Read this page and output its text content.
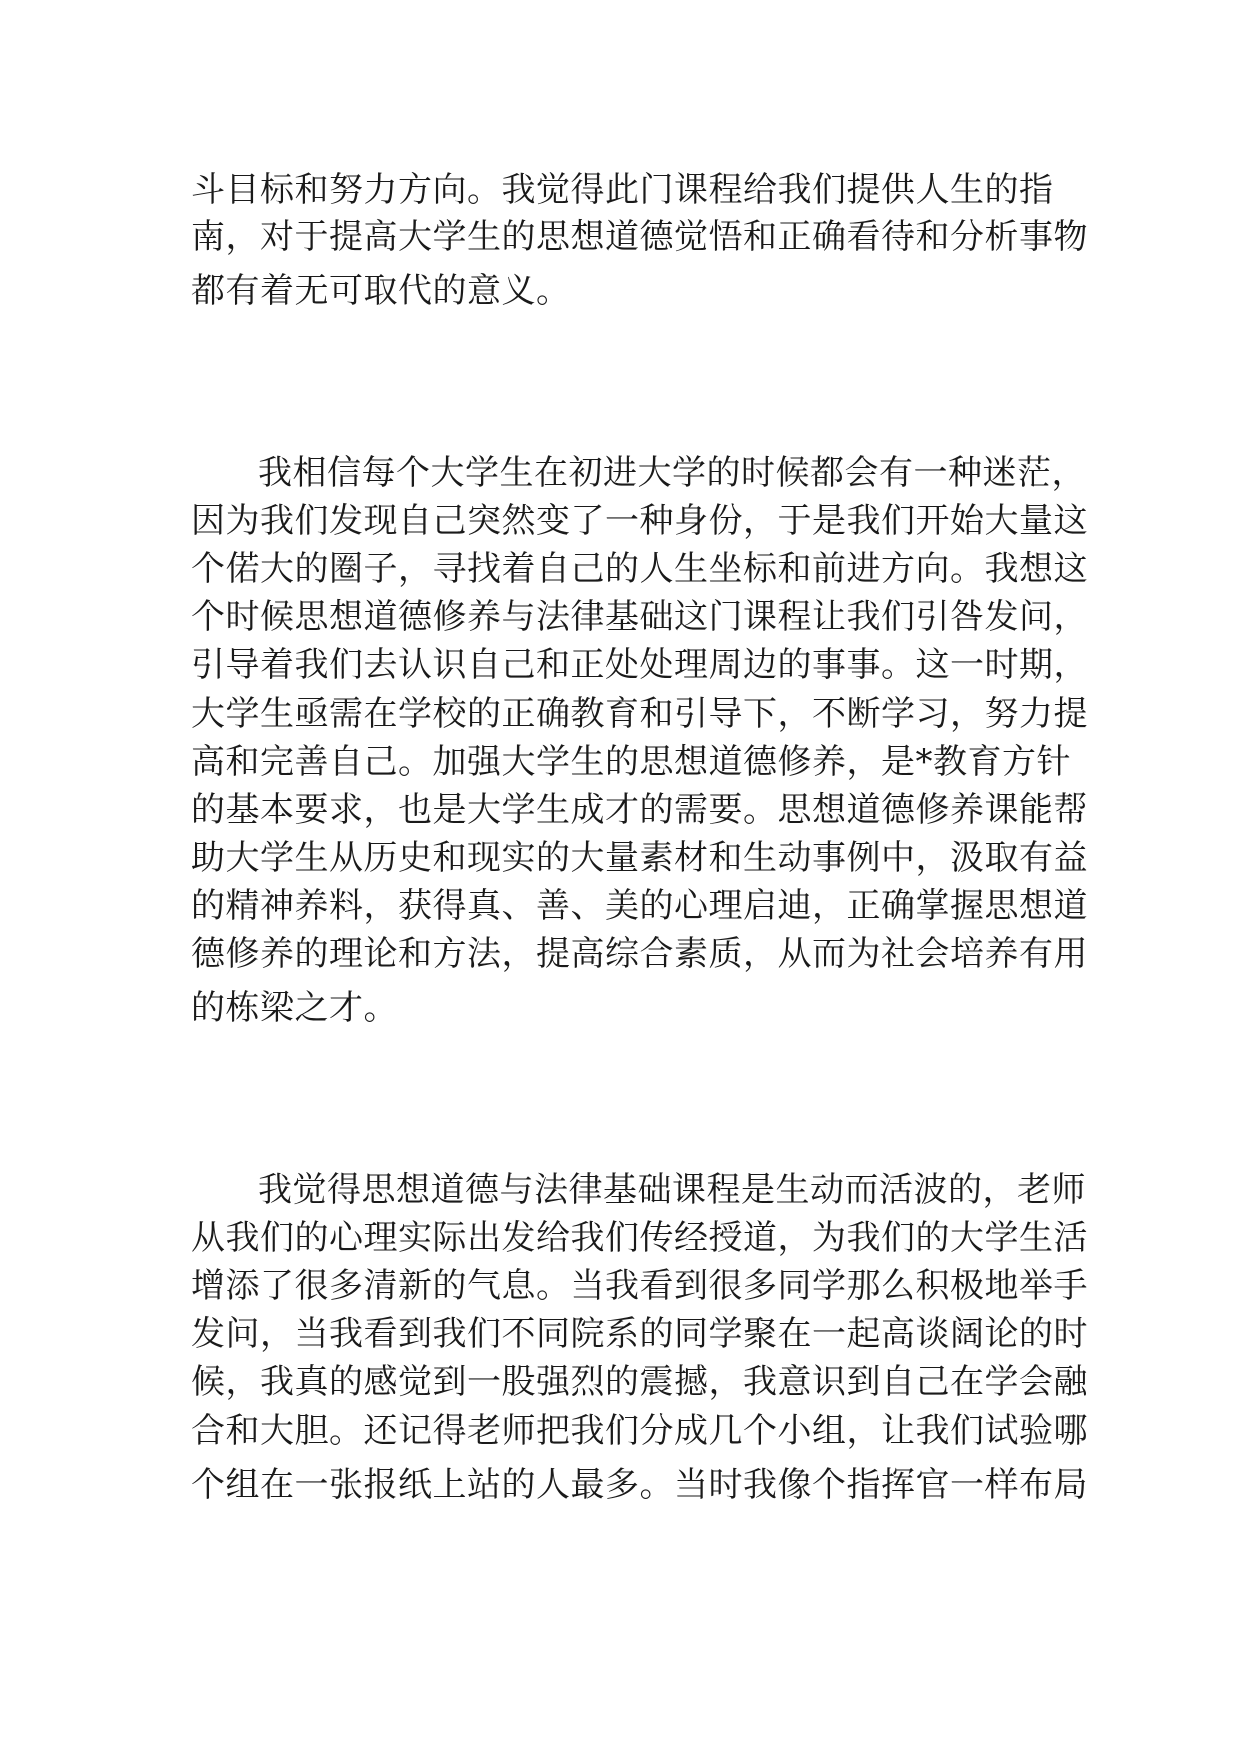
斗目标和努力方向。我觉得此门课程给我们提供人生的指
南，对于提高大学生的思想道德觉悟和正确看待和分析事物
都有着无可取代的意义。
我相信每个大学生在初进大学的时候都会有一种迷茫，
因为我们发现自己突然变了一种身份，于是我们开始大量这
个偌大的圈子，寻找着自己的人生坐标和前进方向。我想这
个时候思想道德修养与法律基础这门课程让我们引咎发问，
引导着我们去认识自己和正处处理周边的事事。这一时期，
大学生亟需在学校的正确教育和引导下，不断学习，努力提
高和完善自己。加强大学生的思想道德修养，是*教育方针
的基本要求，也是大学生成才的需要。思想道德修养课能帮
助大学生从历史和现实的大量素材和生动事例中，汲取有益
的精神养料，获得真、善、美的心理启迪，正确掌握思想道
德修养的理论和方法，提高综合素质，从而为社会培养有用
的栋梁之才。
我觉得思想道德与法律基础课程是生动而活波的，老师
从我们的心理实际出发给我们传经授道，为我们的大学生活
增添了很多清新的气息。当我看到很多同学那么积极地举手
发问，当我看到我们不同院系的同学聚在一起高谈阔论的时
候，我真的感觉到一股强烈的震撼，我意识到自己在学会融
合和大胆。还记得老师把我们分成几个小组，让我们试验哪
个组在一张报纸上站的人最多。当时我像个指挥官一样布局
